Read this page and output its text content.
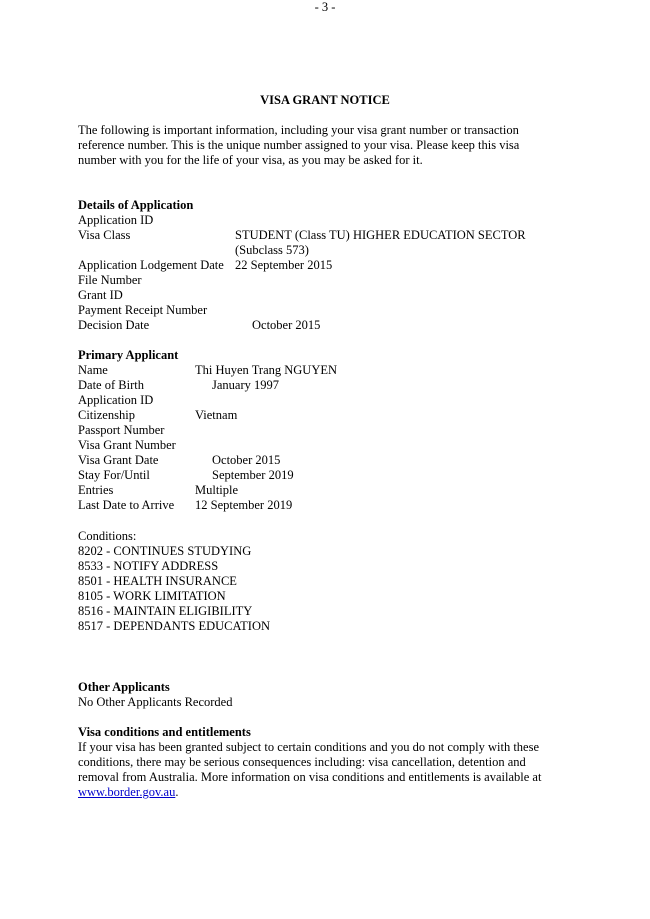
- 3 -
VISA GRANT NOTICE
The following is important information, including your visa grant number or transaction
reference number. This is the unique number assigned to your visa. Please keep this visa
number with you for the life of your visa, as you may be asked for it.
Details of Application
Application ID
Visa Class	STUDENT (Class TU) HIGHER EDUCATION SECTOR
(Subclass 573)
Application Lodgement Date 22 September 2015
File Number
Grant ID
Payment Receipt Number
Decision Date	October 2015
Primary Applicant
Name	Thi Huyen Trang NGUYEN
Date of Birth	January 1997
Application ID
Citizenship	Vietnam
Passport Number
Visa Grant Number
Visa Grant Date	October 2015
Stay For/Until	September 2019
Entries	Multiple
Last Date to Arrive 12 September 2019
Conditions:
8202 - CONTINUES STUDYING
8533 - NOTIFY ADDRESS
8501 - HEALTH INSURANCE
8105 - WORK LIMITATION
8516 - MAINTAIN ELIGIBILITY
8517 - DEPENDANTS EDUCATION
Other Applicants
No Other Applicants Recorded
Visa conditions and entitlements
If your visa has been granted subject to certain conditions and you do not comply with these
conditions, there may be serious consequences including: visa cancellation, detention and
removal from Australia. More information on visa conditions and entitlements is available at
www.border.gov.au.
